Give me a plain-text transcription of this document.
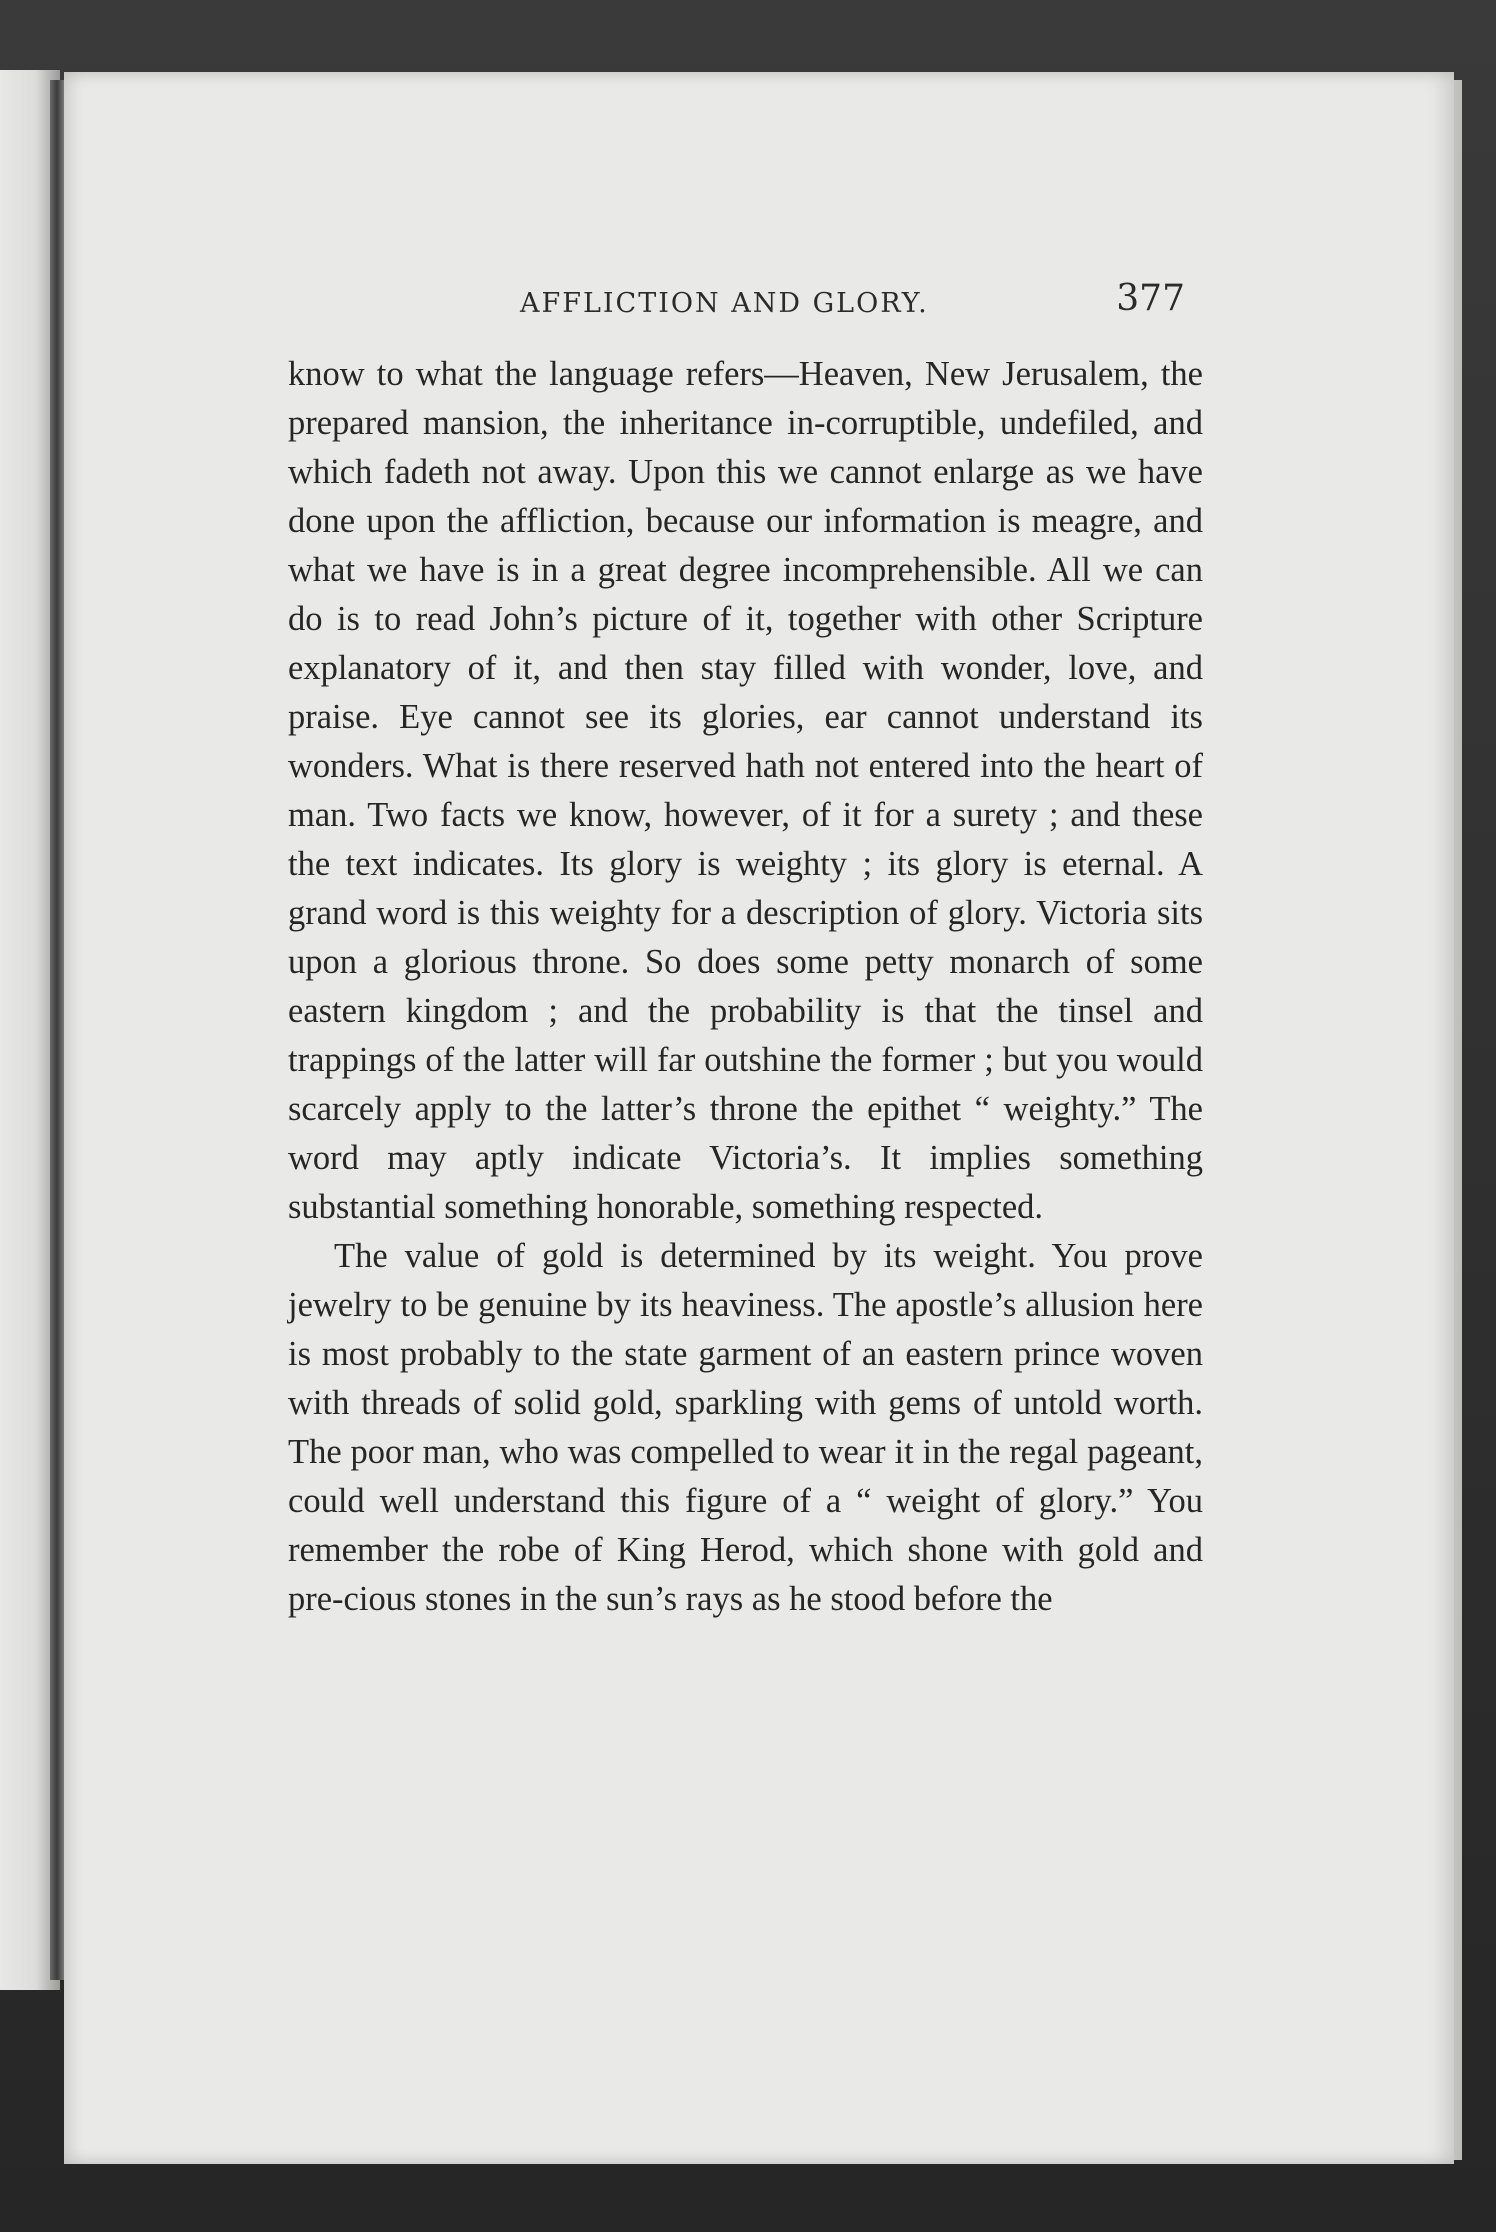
AFFLICTION AND GLORY.	377

know to what the language refers—Heaven, New Jerusalem, the prepared mansion, the inheritance in-corruptible, undefiled, and which fadeth not away. Upon this we cannot enlarge as we have done upon the affliction, because our information is meagre, and what we have is in a great degree incomprehensible. All we can do is to read John’s picture of it, together with other Scripture explanatory of it, and then stay filled with wonder, love, and praise. Eye cannot see its glories, ear cannot understand its wonders. What is there reserved hath not entered into the heart of man. Two facts we know, however, of it for a surety ; and these the text indicates. Its glory is weighty ; its glory is eternal. A grand word is this weighty for a description of glory. Victoria sits upon a glorious throne. So does some petty monarch of some eastern kingdom ; and the probability is that the tinsel and trappings of the latter will far outshine the former ; but you would scarcely apply to the latter’s throne the epithet “ weighty.” The word may aptly indicate Victoria’s. It implies something substantial something honorable, something respected.

The value of gold is determined by its weight. You prove jewelry to be genuine by its heaviness. The apostle’s allusion here is most probably to the state garment of an eastern prince woven with threads of solid gold, sparkling with gems of untold worth. The poor man, who was compelled to wear it in the regal pageant, could well understand this figure of a “ weight of glory.” You remember the robe of King Herod, which shone with gold and pre-cious stones in the sun’s rays as he stood before the
